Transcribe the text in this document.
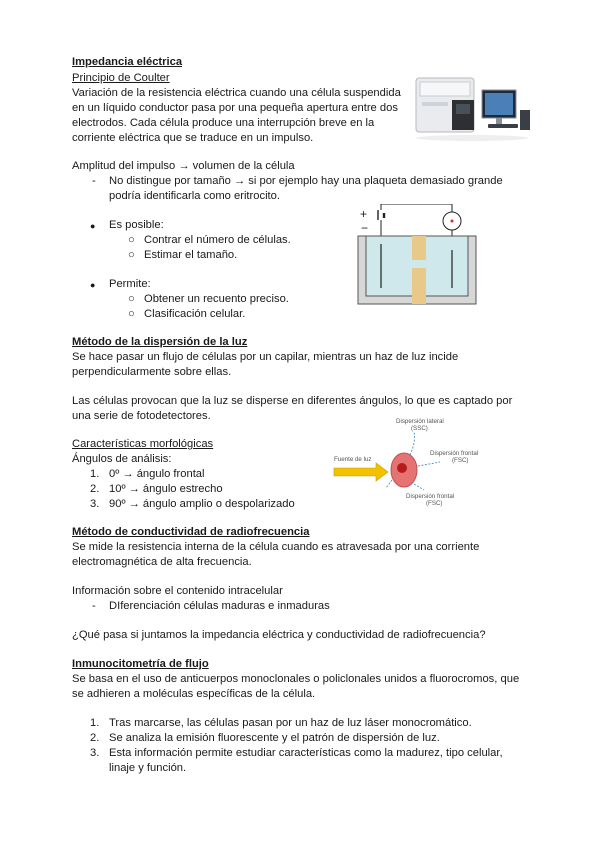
Impedancia eléctrica
Principio de Coulter
Variación de la resistencia eléctrica cuando una célula suspendida
en un líquido conductor pasa por una pequeña apertura entre dos
electrodos. Cada célula produce una interrupción breve en la
corriente eléctrica que se traduce en un impulso.
Amplitud del impulso → volumen de la célula
- No distingue por tamaño → si por ejemplo hay una plaqueta demasiado grande
podría identificarla como eritrocito.
● Es posible:
○ Contrar el número de células.
○ Estimar el tamaño.
● Permite:
○ Obtener un recuento preciso.
○ Clasificación celular.
+
−
Método de la dispersión de la luz
Se hace pasar un flujo de células por un capilar, mientras un haz de luz incide
perpendicularmente sobre ellas.
Las células provocan que la luz se disperse en diferentes ángulos, lo que es captado por
una serie de fotodetectores.
Características morfológicas
Ángulos de análisis:
1. 0º → ángulo frontal
2. 10º → ángulo estrecho
3. 90º → ángulo amplio o despolarizado
Dispersión lateral
(SSC)
Fuente de luz
Dispersión frontal
(FSC)
Dispersión frontal
(FSC)
Método de conductividad de radiofrecuencia
Se mide la resistencia interna de la célula cuando es atravesada por una corriente
electromagnética de alta frecuencia.
Información sobre el contenido intracelular
- DIferenciación células maduras e inmaduras
¿Qué pasa si juntamos la impedancia eléctrica y conductividad de radiofrecuencia?
Inmunocitometría de flujo
Se basa en el uso de anticuerpos monoclonales o policlonales unidos a fluorocromos, que
se adhieren a moléculas específicas de la célula.
1. Tras marcarse, las células pasan por un haz de luz láser monocromático.
2. Se analiza la emisión fluorescente y el patrón de dispersión de luz.
3. Esta información permite estudiar características como la madurez, tipo celular,
linaje y función.
